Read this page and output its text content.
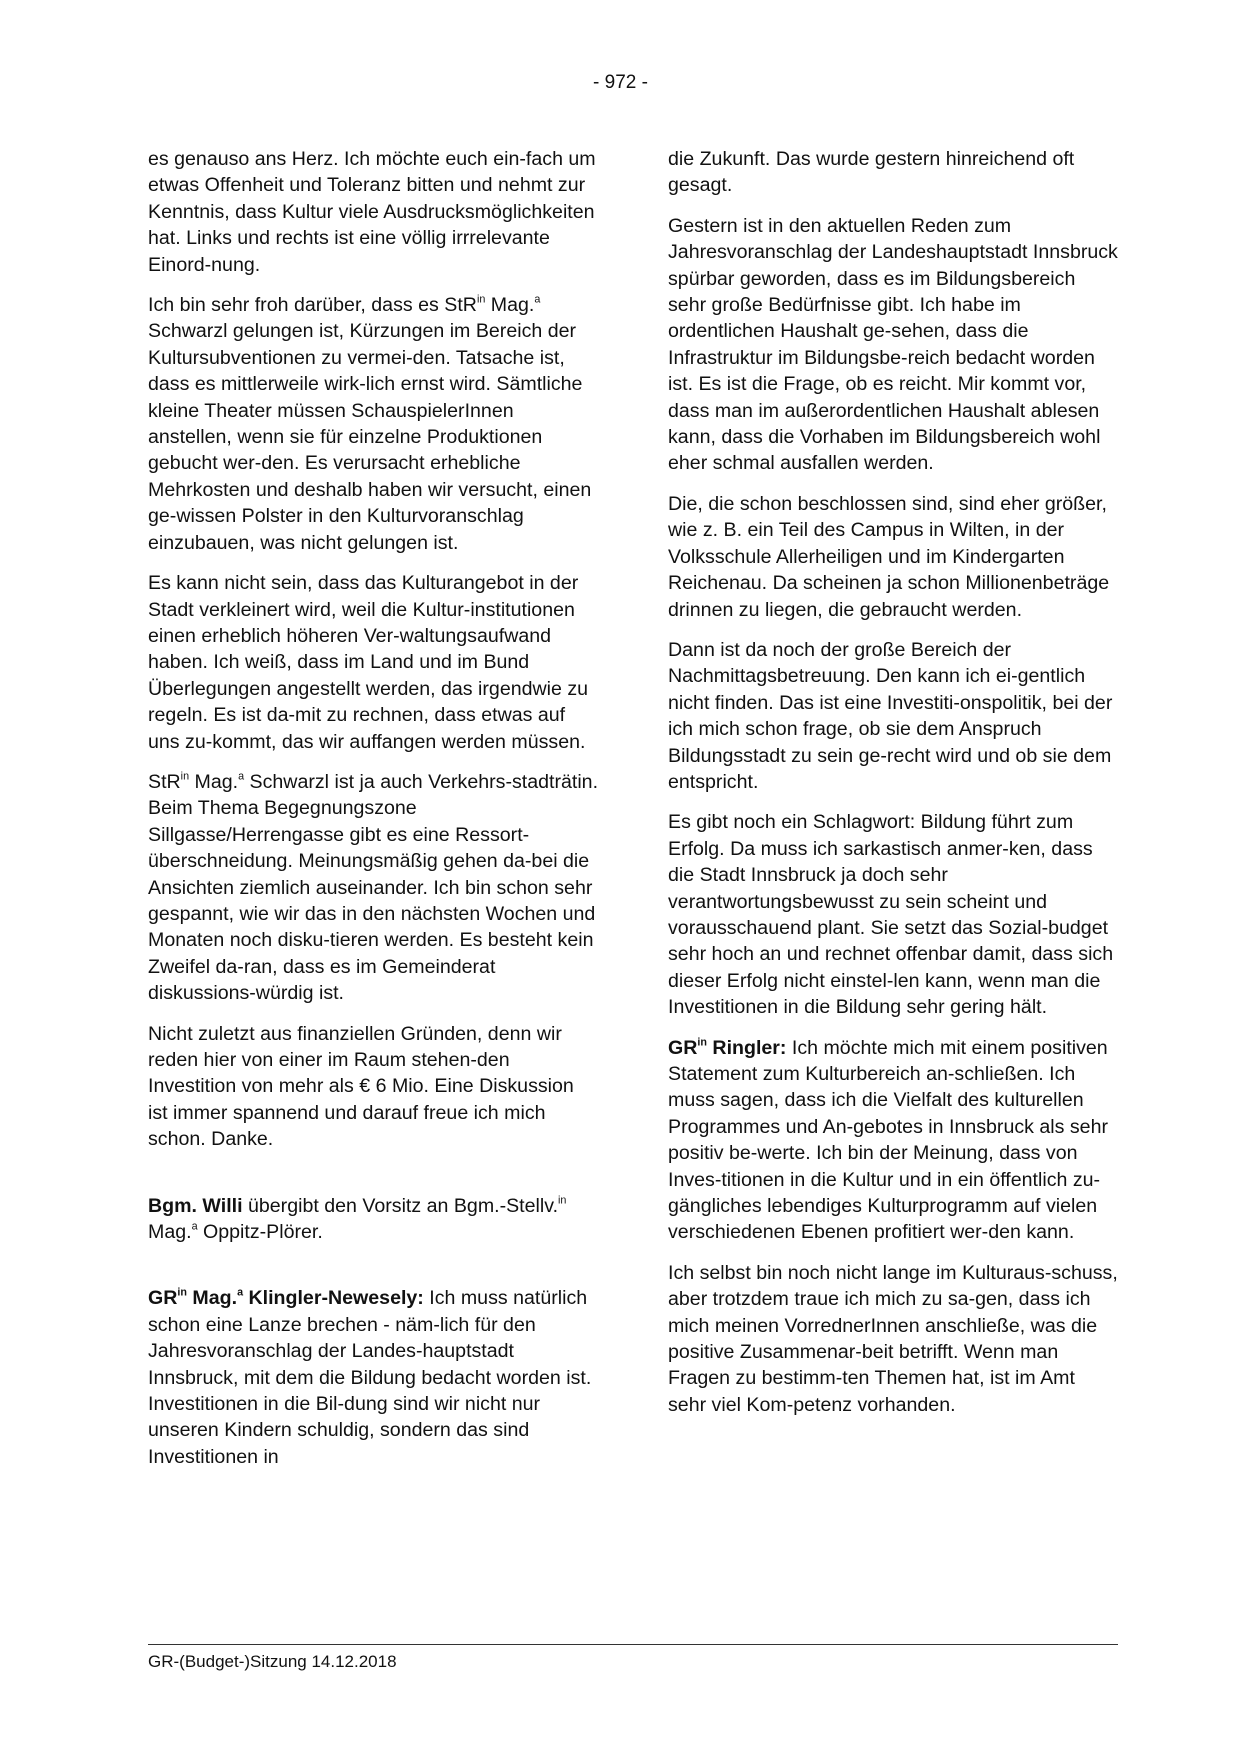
- 972 -

es genauso ans Herz. Ich möchte euch ein-fach um etwas Offenheit und Toleranz bitten und nehmt zur Kenntnis, dass Kultur viele Ausdrucksmöglichkeiten hat. Links und rechts ist eine völlig irrrelevante Einord-nung.

Ich bin sehr froh darüber, dass es StR$^{in}$ Mag.$^a$ Schwarzl gelungen ist, Kürzungen im Bereich der Kultursubventionen zu vermei-den. Tatsache ist, dass es mittlerweile wirk-lich ernst wird. Sämtliche kleine Theater müssen SchauspielerInnen anstellen, wenn sie für einzelne Produktionen gebucht wer-den. Es verursacht erhebliche Mehrkosten und deshalb haben wir versucht, einen ge-wissen Polster in den Kulturvoranschlag einzubauen, was nicht gelungen ist.

Es kann nicht sein, dass das Kulturangebot in der Stadt verkleinert wird, weil die Kultur-institutionen einen erheblich höheren Ver-waltungsaufwand haben. Ich weiß, dass im Land und im Bund Überlegungen angestellt werden, das irgendwie zu regeln. Es ist da-mit zu rechnen, dass etwas auf uns zu-kommt, das wir auffangen werden müssen.

StR$^{in}$ Mag.$^a$ Schwarzl ist ja auch Verkehrs-stadträtin. Beim Thema Begegnungszone Sillgasse/Herrengasse gibt es eine Ressort-überschneidung. Meinungsmäßig gehen da-bei die Ansichten ziemlich auseinander. Ich bin schon sehr gespannt, wie wir das in den nächsten Wochen und Monaten noch disku-tieren werden. Es besteht kein Zweifel da-ran, dass es im Gemeinderat diskussions-würdig ist.

Nicht zuletzt aus finanziellen Gründen, denn wir reden hier von einer im Raum stehen-den Investition von mehr als € 6 Mio. Eine Diskussion ist immer spannend und darauf freue ich mich schon. Danke.

Bgm. Willi übergibt den Vorsitz an Bgm.-Stellv.$^{in}$ Mag.$^a$ Oppitz-Plörer.

$GR^{in}$ Mag.$^a$ Klingler-Newesely: Ich muss natürlich schon eine Lanze brechen - näm-lich für den Jahresvoranschlag der Landes-hauptstadt Innsbruck, mit dem die Bildung bedacht worden ist. Investitionen in die Bil-dung sind wir nicht nur unseren Kindern schuldig, sondern das sind Investitionen in

die Zukunft. Das wurde gestern hinreichend oft gesagt.

Gestern ist in den aktuellen Reden zum Jahresvoranschlag der Landeshauptstadt Innsbruck spürbar geworden, dass es im Bildungsbereich sehr große Bedürfnisse gibt. Ich habe im ordentlichen Haushalt ge-sehen, dass die Infrastruktur im Bildungsbe-reich bedacht worden ist. Es ist die Frage, ob es reicht. Mir kommt vor, dass man im außerordentlichen Haushalt ablesen kann, dass die Vorhaben im Bildungsbereich wohl eher schmal ausfallen werden.

Die, die schon beschlossen sind, sind eher größer, wie z. B. ein Teil des Campus in Wilten, in der Volksschule Allerheiligen und im Kindergarten Reichenau. Da scheinen ja schon Millionenbeträge drinnen zu liegen, die gebraucht werden.

Dann ist da noch der große Bereich der Nachmittagsbetreuung. Den kann ich ei-gentlich nicht finden. Das ist eine Investiti-onspolitik, bei der ich mich schon frage, ob sie dem Anspruch Bildungsstadt zu sein ge-recht wird und ob sie dem entspricht.

Es gibt noch ein Schlagwort: Bildung führt zum Erfolg. Da muss ich sarkastisch anmer-ken, dass die Stadt Innsbruck ja doch sehr verantwortungsbewusst zu sein scheint und vorausschauend plant. Sie setzt das Sozial-budget sehr hoch an und rechnet offenbar damit, dass sich dieser Erfolg nicht einstel-len kann, wenn man die Investitionen in die Bildung sehr gering hält.

$GR^{in}$ Ringler: Ich möchte mich mit einem positiven Statement zum Kulturbereich an-schließen. Ich muss sagen, dass ich die Vielfalt des kulturellen Programmes und An-gebotes in Innsbruck als sehr positiv be-werte. Ich bin der Meinung, dass von Inves-titionen in die Kultur und in ein öffentlich zu-gängliches lebendiges Kulturprogramm auf vielen verschiedenen Ebenen profitiert wer-den kann.

Ich selbst bin noch nicht lange im Kulturaus-schuss, aber trotzdem traue ich mich zu sa-gen, dass ich mich meinen VorrednerInnen anschließe, was die positive Zusammenar-beit betrifft. Wenn man Fragen zu bestimm-ten Themen hat, ist im Amt sehr viel Kom-petenz vorhanden.

GR-(Budget-)Sitzung 14.12.2018
